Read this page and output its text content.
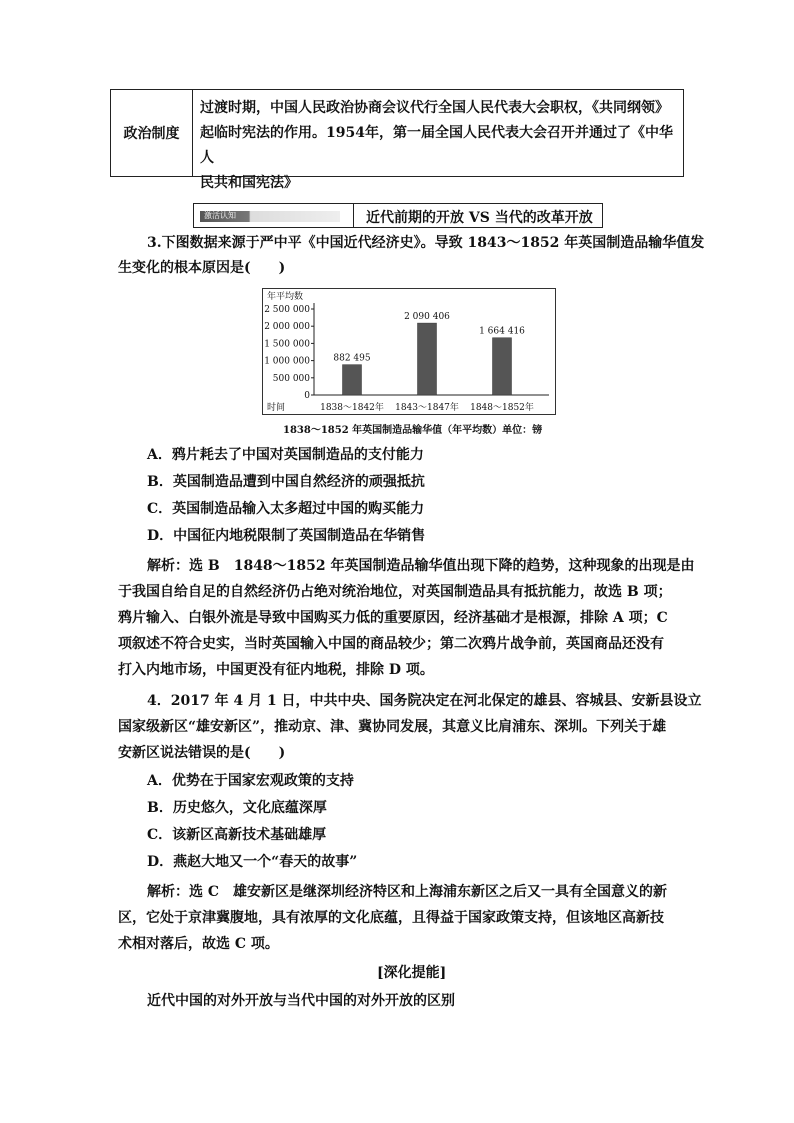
政治制度
过渡时期，中国人民政治协商会议代行全国人民代表大会职权，《共同纲领》
起临时宪法的作用。1954年，第一届全国人民代表大会召开并通过了《中华人
民共和国宪法》
激活认知	近代前期的开放 VS 当代的改革开放
3.下图数据来源于严中平《中国近代经济史》。导致 1843～1852 年英国制造品输华值发
生变化的根本原因是(　　)
年平均数
0
500 000
1 000 000
1 500 000
2 000 000
2 500 000
时间
882 495
1838～1842年
2 090 406
1843～1847年
1 664 416
1848～1852年
1838～1852 年英国制造品输华值（年平均数）单位：镑
A．鸦片耗去了中国对英国制造品的支付能力
B．英国制造品遭到中国自然经济的顽强抵抗
C．英国制造品输入太多超过中国的购买能力
D．中国征内地税限制了英国制造品在华销售
解析：选 B　1848～1852 年英国制造品输华值出现下降的趋势，这种现象的出现是由
于我国自给自足的自然经济仍占绝对统治地位，对英国制造品具有抵抗能力，故选 B 项；
鸦片输入、白银外流是导致中国购买力低的重要原因，经济基础才是根源，排除 A 项；C
项叙述不符合史实，当时英国输入中国的商品较少；第二次鸦片战争前，英国商品还没有
打入内地市场，中国更没有征内地税，排除 D 项。
4．2017 年 4 月 1 日，中共中央、国务院决定在河北保定的雄县、容城县、安新县设立
国家级新区“雄安新区”，推动京、津、冀协同发展，其意义比肩浦东、深圳。下列关于雄
安新区说法错误的是(　　)
A．优势在于国家宏观政策的支持
B．历史悠久，文化底蕴深厚
C．该新区高新技术基础雄厚
D．燕赵大地又一个“春天的故事”
解析：选 C　雄安新区是继深圳经济特区和上海浦东新区之后又一具有全国意义的新
区，它处于京津冀腹地，具有浓厚的文化底蕴，且得益于国家政策支持，但该地区高新技
术相对落后，故选 C 项。
[深化提能]
近代中国的对外开放与当代中国的对外开放的区别
